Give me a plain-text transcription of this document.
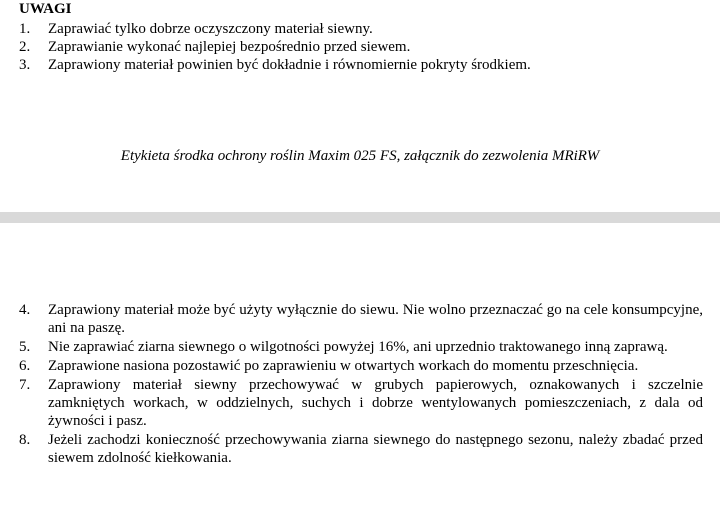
UWAGI
1.	Zaprawiać tylko dobrze oczyszczony materiał siewny.
2.	Zaprawianie wykonać najlepiej bezpośrednio przed siewem.
3.	Zaprawiony materiał powinien być dokładnie i równomiernie pokryty środkiem.

Etykieta środka ochrony roślin Maxim 025 FS, załącznik do zezwolenia MRiRW

4.	Zaprawiony materiał może być użyty wyłącznie do siewu. Nie wolno przeznaczać go na cele konsumpcyjne, ani na paszę.
5.	Nie zaprawiać ziarna siewnego o wilgotności powyżej 16%, ani uprzednio traktowanego inną zaprawą.
6.	Zaprawione nasiona pozostawić po zaprawieniu w otwartych workach do momentu przeschnięcia.
7.	Zaprawiony materiał siewny przechowywać w grubych papierowych, oznakowanych i szczelnie zamkniętych workach, w oddzielnych, suchych i dobrze wentylowanych pomieszczeniach, z dala od żywności i pasz.
8.	Jeżeli zachodzi konieczność przechowywania ziarna siewnego do następnego sezonu, należy zbadać przed siewem zdolność kiełkowania.
